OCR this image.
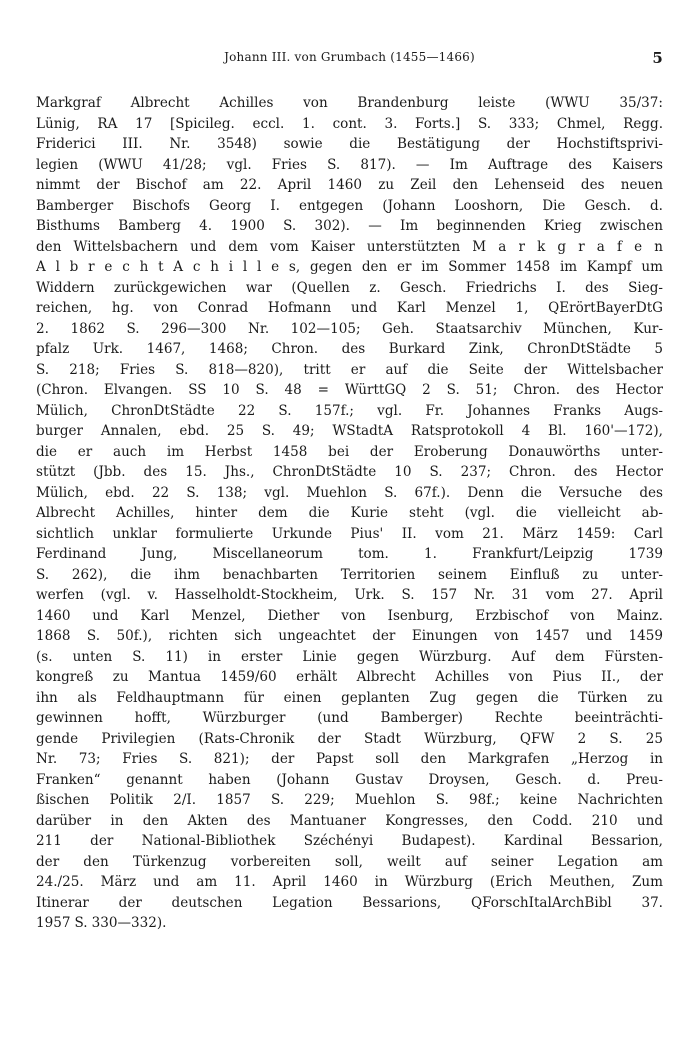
Johann III. von Grumbach (1455—1466)	5
Markgraf Albrecht Achilles von Brandenburg leiste (WWU 35/37:
Lünig, RA 17 [Spicileg. eccl. 1. cont. 3. Forts.] S. 333; Chmel, Regg.
Friderici III. Nr. 3548) sowie die Bestätigung der Hochstiftsprivi-
legien (WWU 41/28; vgl. Fries S. 817). — Im Auftrage des Kaisers
nimmt der Bischof am 22. April 1460 zu Zeil den Lehenseid des neuen
Bamberger Bischofs Georg I. entgegen (Johann Looshorn, Die Gesch. d.
Bisthums Bamberg 4. 1900 S. 302). — Im beginnenden Krieg zwischen
den Wittelsbachern und dem vom Kaiser unterstützten M a r k g r a f e n
A l b r e c h t A c h i l l e s, gegen den er im Sommer 1458 im Kampf um
Widdern zurückgewichen war (Quellen z. Gesch. Friedrichs I. des Sieg-
reichen, hg. von Conrad Hofmann und Karl Menzel 1, QErörtBayerDtG
2. 1862 S. 296—300 Nr. 102—105; Geh. Staatsarchiv München, Kur-
pfalz Urk. 1467, 1468; Chron. des Burkard Zink, ChronDtStädte 5
S. 218; Fries S. 818—820), tritt er auf die Seite der Wittelsbacher
(Chron. Elvangen. SS 10 S. 48 = WürttGQ 2 S. 51; Chron. des Hector
Mülich, ChronDtStädte 22 S. 157f.; vgl. Fr. Johannes Franks Augs-
burger Annalen, ebd. 25 S. 49; WStadtA Ratsprotokoll 4 Bl. 160'—172),
die er auch im Herbst 1458 bei der Eroberung Donauwörths unter-
stützt (Jbb. des 15. Jhs., ChronDtStädte 10 S. 237; Chron. des Hector
Mülich, ebd. 22 S. 138; vgl. Muehlon S. 67f.). Denn die Versuche des
Albrecht Achilles, hinter dem die Kurie steht (vgl. die vielleicht ab-
sichtlich unklar formulierte Urkunde Pius' II. vom 21. März 1459: Carl
Ferdinand Jung, Miscellaneorum tom. 1. Frankfurt/Leipzig 1739
S. 262), die ihm benachbarten Territorien seinem Einfluß zu unter-
werfen (vgl. v. Hasselholdt-Stockheim, Urk. S. 157 Nr. 31 vom 27. April
1460 und Karl Menzel, Diether von Isenburg, Erzbischof von Mainz.
1868 S. 50f.), richten sich ungeachtet der Einungen von 1457 und 1459
(s. unten S. 11) in erster Linie gegen Würzburg. Auf dem Fürsten-
kongreß zu Mantua 1459/60 erhält Albrecht Achilles von Pius II., der
ihn als Feldhauptmann für einen geplanten Zug gegen die Türken zu
gewinnen hofft, Würzburger (und Bamberger) Rechte beeinträchti-
gende Privilegien (Rats-Chronik der Stadt Würzburg, QFW 2 S. 25
Nr. 73; Fries S. 821); der Papst soll den Markgrafen „Herzog in
Franken“ genannt haben (Johann Gustav Droysen, Gesch. d. Preu-
ßischen Politik 2/I. 1857 S. 229; Muehlon S. 98f.; keine Nachrichten
darüber in den Akten des Mantuaner Kongresses, den Codd. 210 und
211 der National-Bibliothek Széchényi Budapest). Kardinal Bessarion,
der den Türkenzug vorbereiten soll, weilt auf seiner Legation am
24./25. März und am 11. April 1460 in Würzburg (Erich Meuthen, Zum
Itinerar der deutschen Legation Bessarions, QForschItalArchBibl 37.
1957 S. 330—332).
